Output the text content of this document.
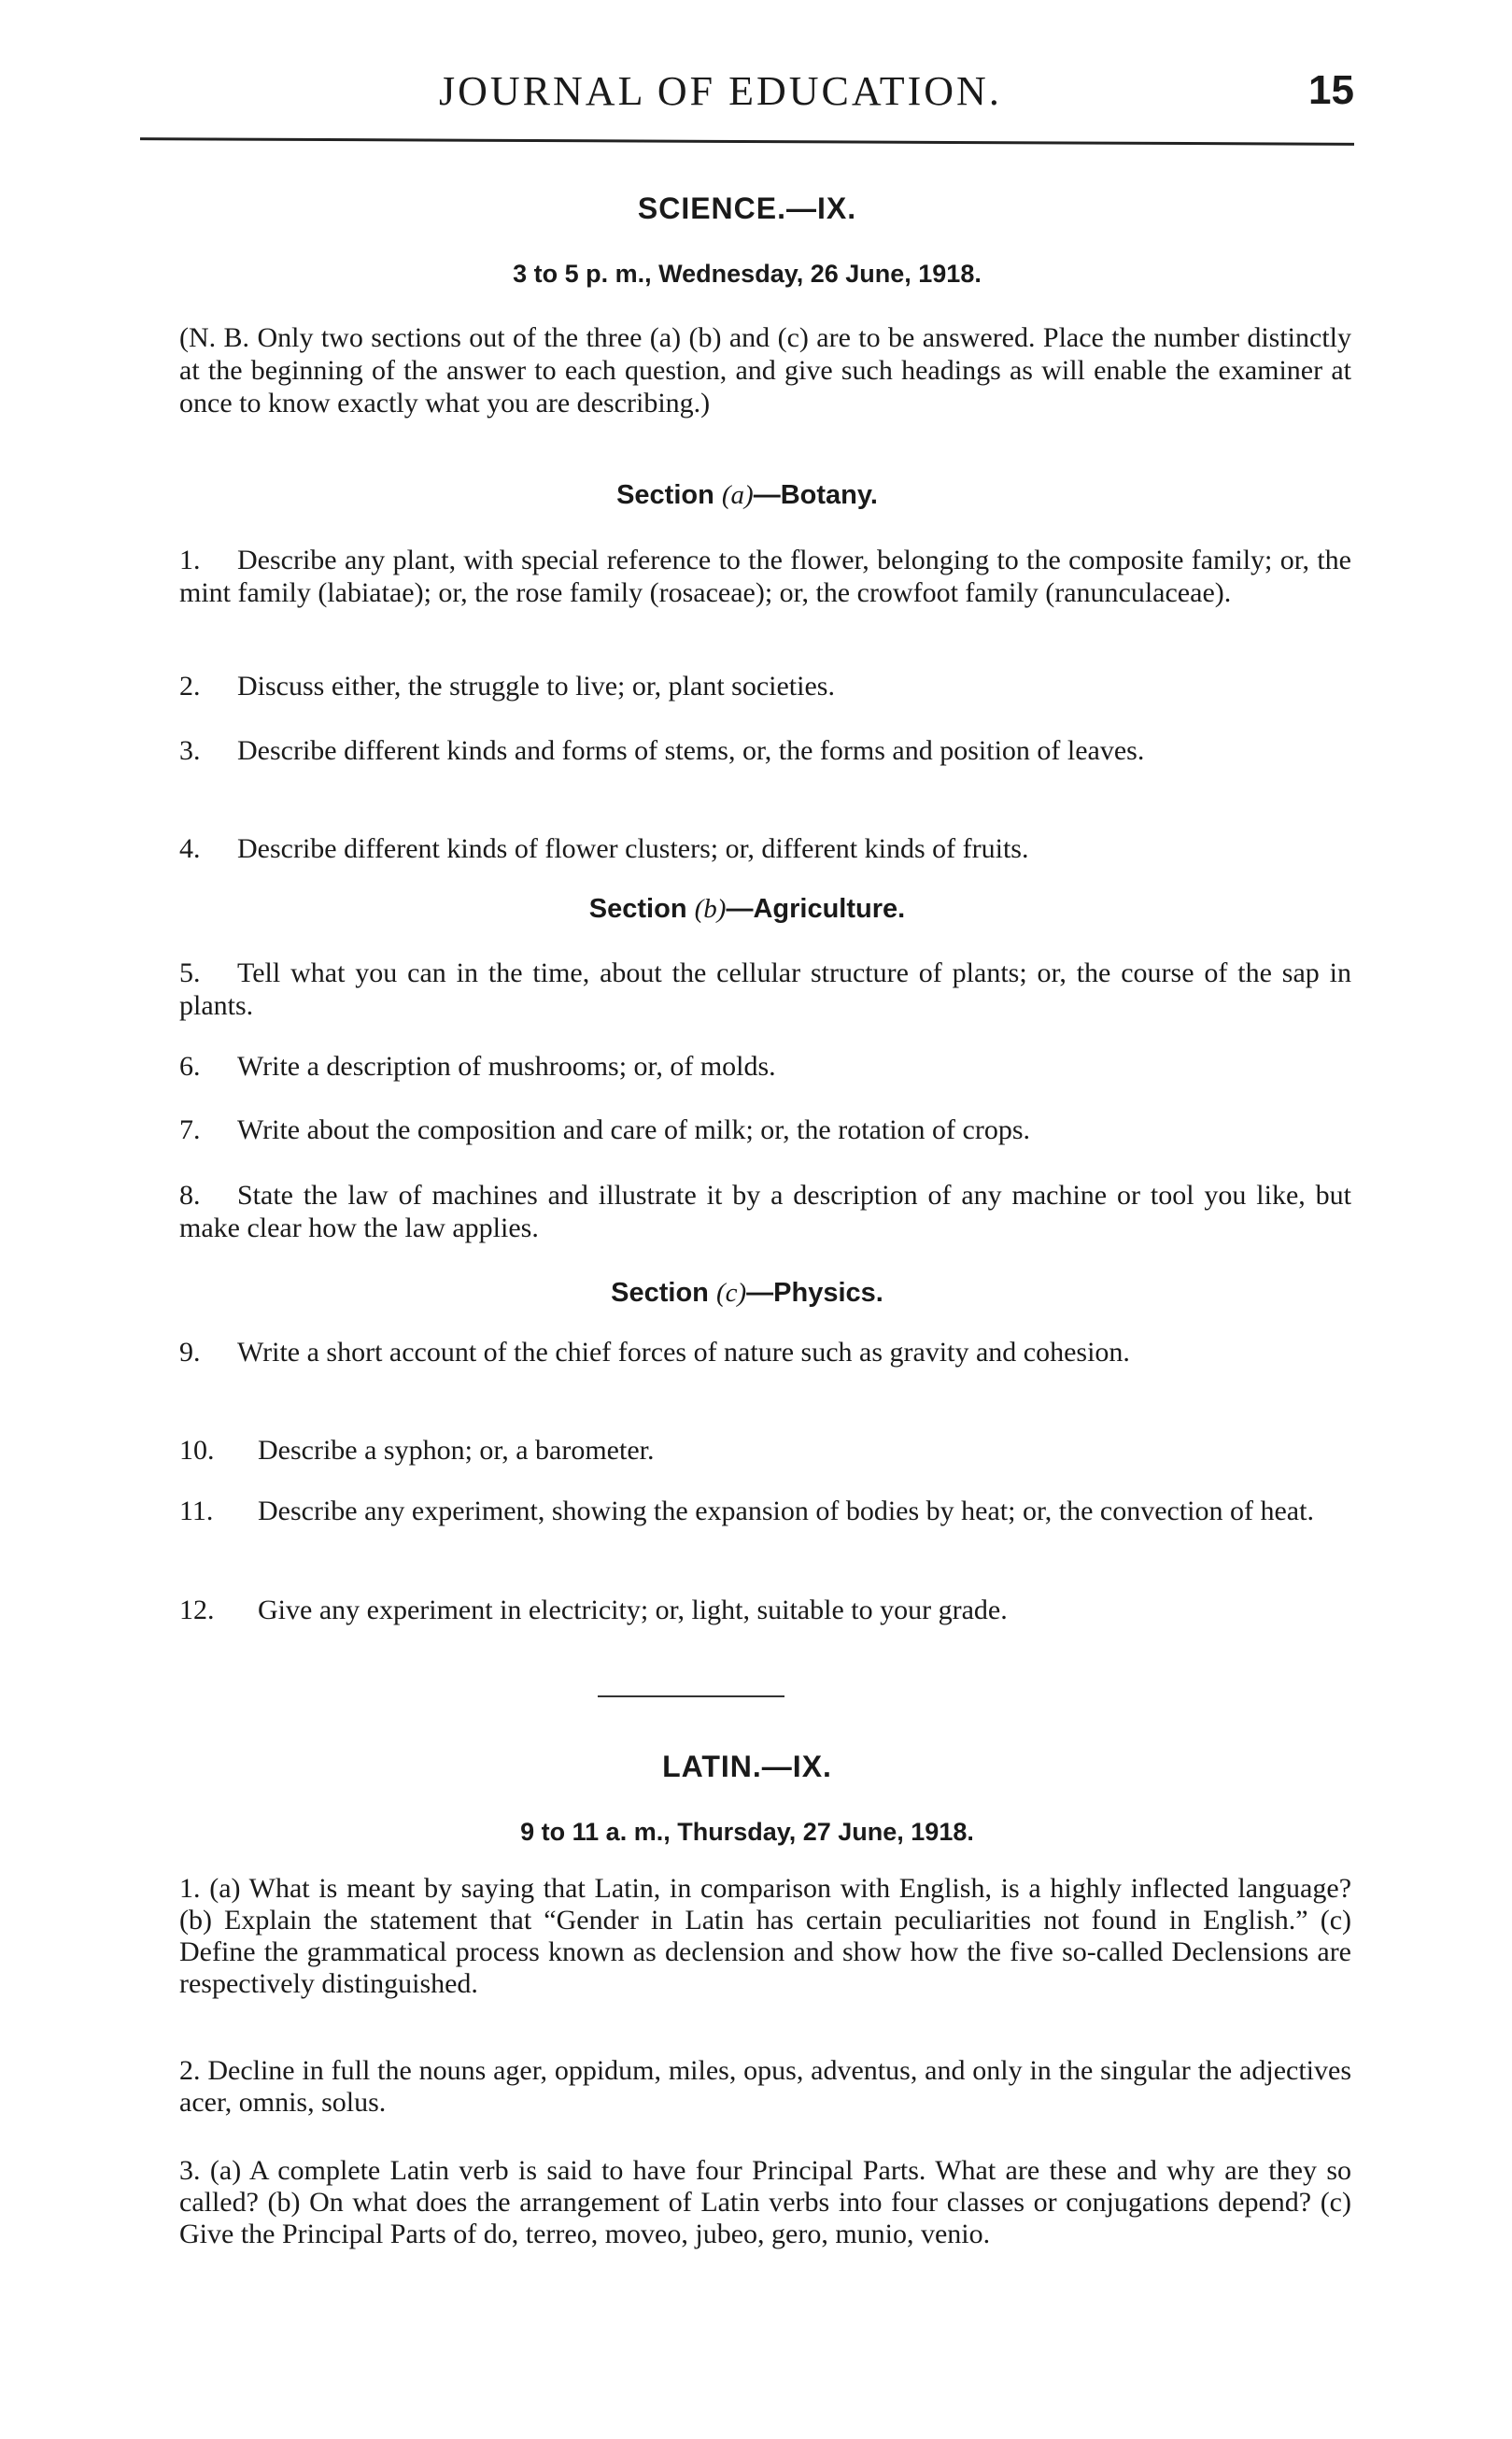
JOURNAL OF EDUCATION.	15
SCIENCE.—IX.
3 to 5 p. m., Wednesday, 26 June, 1918.
(N. B. Only two sections out of the three (a) (b) and (c) are to be answered. Place the number distinctly at the beginning of the answer to each question, and give such headings as will enable the examiner at once to know exactly what you are describing.)
Section (a)—Botany.
1. Describe any plant, with special reference to the flower, belonging to the composite family; or, the mint family (labiatae); or, the rose family (rosaceae); or, the crowfoot family (ranunculaceae).
2. Discuss either, the struggle to live; or, plant societies.
3. Describe different kinds and forms of stems, or, the forms and position of leaves.
4. Describe different kinds of flower clusters; or, different kinds of fruits.
Section (b)—Agriculture.
5. Tell what you can in the time, about the cellular structure of plants; or, the course of the sap in plants.
6. Write a description of mushrooms; or, of molds.
7. Write about the composition and care of milk; or, the rotation of crops.
8. State the law of machines and illustrate it by a description of any machine or tool you like, but make clear how the law applies.
Section (c)—Physics.
9. Write a short account of the chief forces of nature such as gravity and cohesion.
10. Describe a syphon; or, a barometer.
11. Describe any experiment, showing the expansion of bodies by heat; or, the convection of heat.
12. Give any experiment in electricity; or, light, suitable to your grade.
LATIN.—IX.
9 to 11 a. m., Thursday, 27 June, 1918.
1. (a) What is meant by saying that Latin, in comparison with English, is a highly inflected language? (b) Explain the statement that “Gender in Latin has certain peculiarities not found in English.” (c) Define the grammatical process known as declension and show how the five so-called Declensions are respectively distinguished.
2. Decline in full the nouns ager, oppidum, miles, opus, adventus, and only in the singular the adjectives acer, omnis, solus.
3. (a) A complete Latin verb is said to have four Principal Parts. What are these and why are they so called? (b) On what does the arrangement of Latin verbs into four classes or conjugations depend? (c) Give the Principal Parts of do, terreo, moveo, jubeo, gero, munio, venio.
